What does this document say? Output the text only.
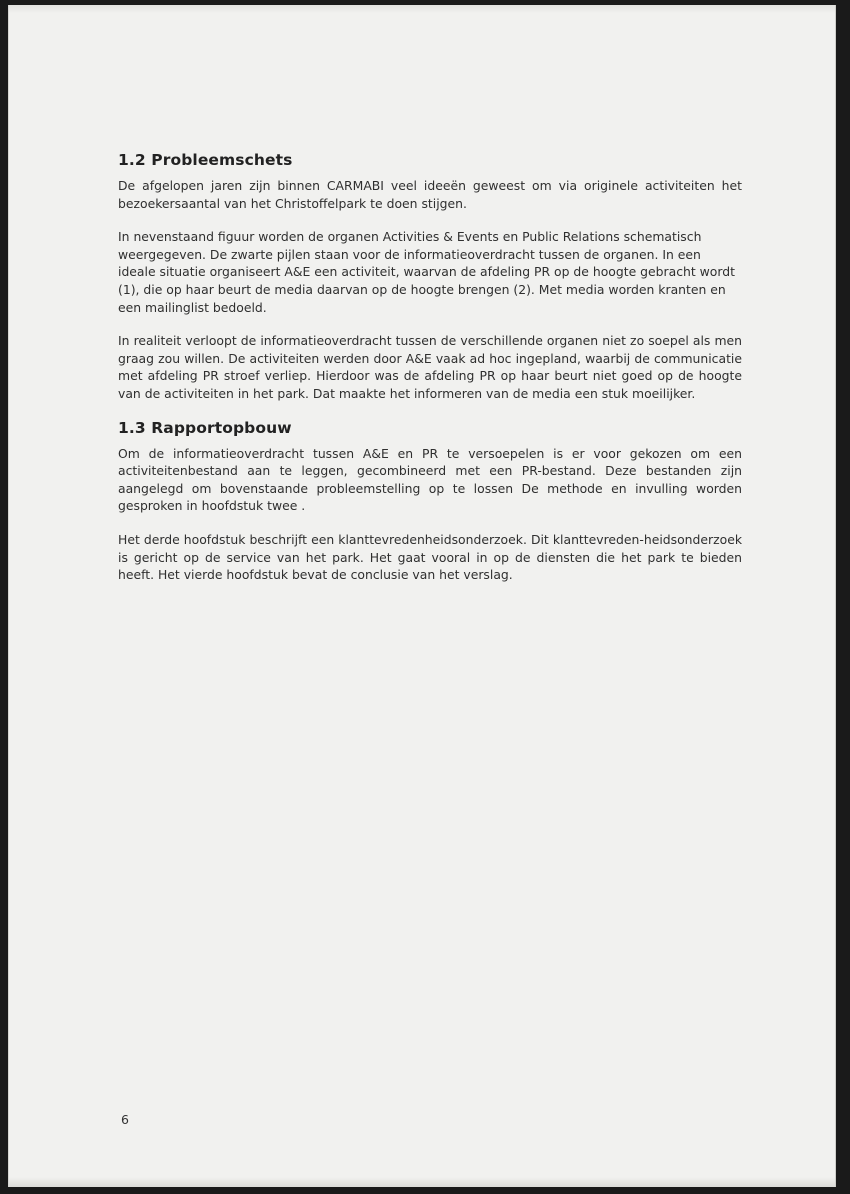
1.2 Probleemschets

De afgelopen jaren zijn binnen CARMABI veel ideeën geweest om via originele activiteiten het bezoekersaantal van het Christoffelpark te doen stijgen.

In nevenstaand figuur worden de organen Activities & Events en Public Relations schematisch weergegeven. De zwarte pijlen staan voor de informatieoverdracht tussen de organen. In een ideale situatie organiseert A&E een activiteit, waarvan de afdeling PR op de hoogte gebracht wordt (1), die op haar beurt de media daarvan op de hoogte brengen (2). Met media worden kranten en een mailinglist bedoeld.

In realiteit verloopt de informatieoverdracht tussen de verschillende organen niet zo soepel als men graag zou willen. De activiteiten werden door A&E vaak ad hoc ingepland, waarbij de communicatie met afdeling PR stroef verliep. Hierdoor was de afdeling PR op haar beurt niet goed op de hoogte van de activiteiten in het park. Dat maakte het informeren van de media een stuk moeilijker.

1.3 Rapportopbouw

Om de informatieoverdracht tussen A&E en PR te versoepelen is er voor gekozen om een activiteitenbestand aan te leggen, gecombineerd met een PR-bestand. Deze bestanden zijn aangelegd om bovenstaande probleemstelling op te lossen De methode en invulling worden gesproken in hoofdstuk twee .

Het derde hoofdstuk beschrijft een klanttevredenheidsonderzoek. Dit klanttevreden-heidsonderzoek is gericht op de service van het park. Het gaat vooral in op de diensten die het park te bieden heeft. Het vierde hoofdstuk bevat de conclusie van het verslag.

6
